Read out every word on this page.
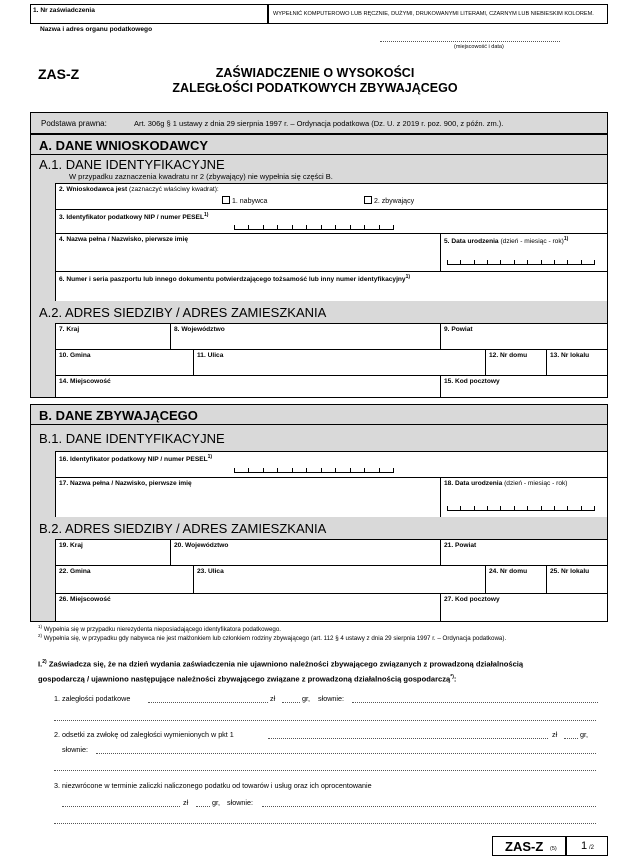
1. Nr zaświadczenia	WYPEŁNIĆ KOMPUTEROWO LUB RĘCZNIE, DUŻYMI, DRUKOWANYMI LITERAMI, CZARNYM LUB NIEBIESKIM KOLOREM.
Nazwa i adres organu podatkowego
(miejscowość i data)
ZAS-Z	ZAŚWIADCZENIE O WYSOKOŚCI
ZALEGŁOŚCI PODATKOWYCH ZBYWAJĄCEGO
Podstawa prawna:	Art. 306g § 1 ustawy z dnia 29 sierpnia 1997 r. – Ordynacja podatkowa (Dz. U. z 2019 r. poz. 900, z późn. zm.).
A. DANE WNIOSKODAWCY
A.1. DANE IDENTYFIKACYJNE
W przypadku zaznaczenia kwadratu nr 2 (zbywający) nie wypełnia się części B.
2. Wnioskodawca jest (zaznaczyć właściwy kwadrat):
1. nabywca	2. zbywający
3. Identyfikator podatkowy NIP / numer PESEL$^{1)}$
4. Nazwa pełna / Nazwisko, pierwsze imię	5. Data urodzenia (dzień - miesiąc - rok)$^{1)}$
6. Numer i seria paszportu lub innego dokumentu potwierdzającego tożsamość lub inny numer identyfikacyjny$^{1)}$
A.2. ADRES SIEDZIBY / ADRES ZAMIESZKANIA
7. Kraj	8. Województwo	9. Powiat
10. Gmina	11. Ulica	12. Nr domu	13. Nr lokalu
14. Miejscowość	15. Kod pocztowy
B. DANE ZBYWAJĄCEGO
B.1. DANE IDENTYFIKACYJNE
16. Identyfikator podatkowy NIP / numer PESEL$^{1)}$
17. Nazwa pełna / Nazwisko, pierwsze imię	18. Data urodzenia (dzień - miesiąc - rok)
B.2. ADRES SIEDZIBY / ADRES ZAMIESZKANIA
19. Kraj	20. Województwo	21. Powiat
22. Gmina	23. Ulica	24. Nr domu	25. Nr lokalu
26. Miejscowość	27. Kod pocztowy
$^{1)}$ Wypełnia się w przypadku nierezydenta nieposiadającego identyfikatora podatkowego.
$^{2)}$ Wypełnia się, w przypadku gdy nabywca nie jest małżonkiem lub członkiem rodziny zbywającego (art. 112 § 4 ustawy z dnia 29 sierpnia 1997 r. – Ordynacja podatkowa).
I.$^{2)}$ Zaświadcza się, że na dzień wydania zaświadczenia nie ujawniono należności zbywającego związanych z prowadzoną działalnością
gospodarczą / ujawniono następujące należności zbywającego związane z prowadzoną działalnością gospodarczą*):
1. zaległości podatkowe	zł	gr, słownie:
2. odsetki za zwłokę od zaległości wymienionych w pkt 1	zł	gr,
słownie:
3. niezwrócone w terminie zaliczki naliczonego podatku od towarów i usług oraz ich oprocentowanie
zł	gr, słownie:
ZAS-Z (5) 1 /2
